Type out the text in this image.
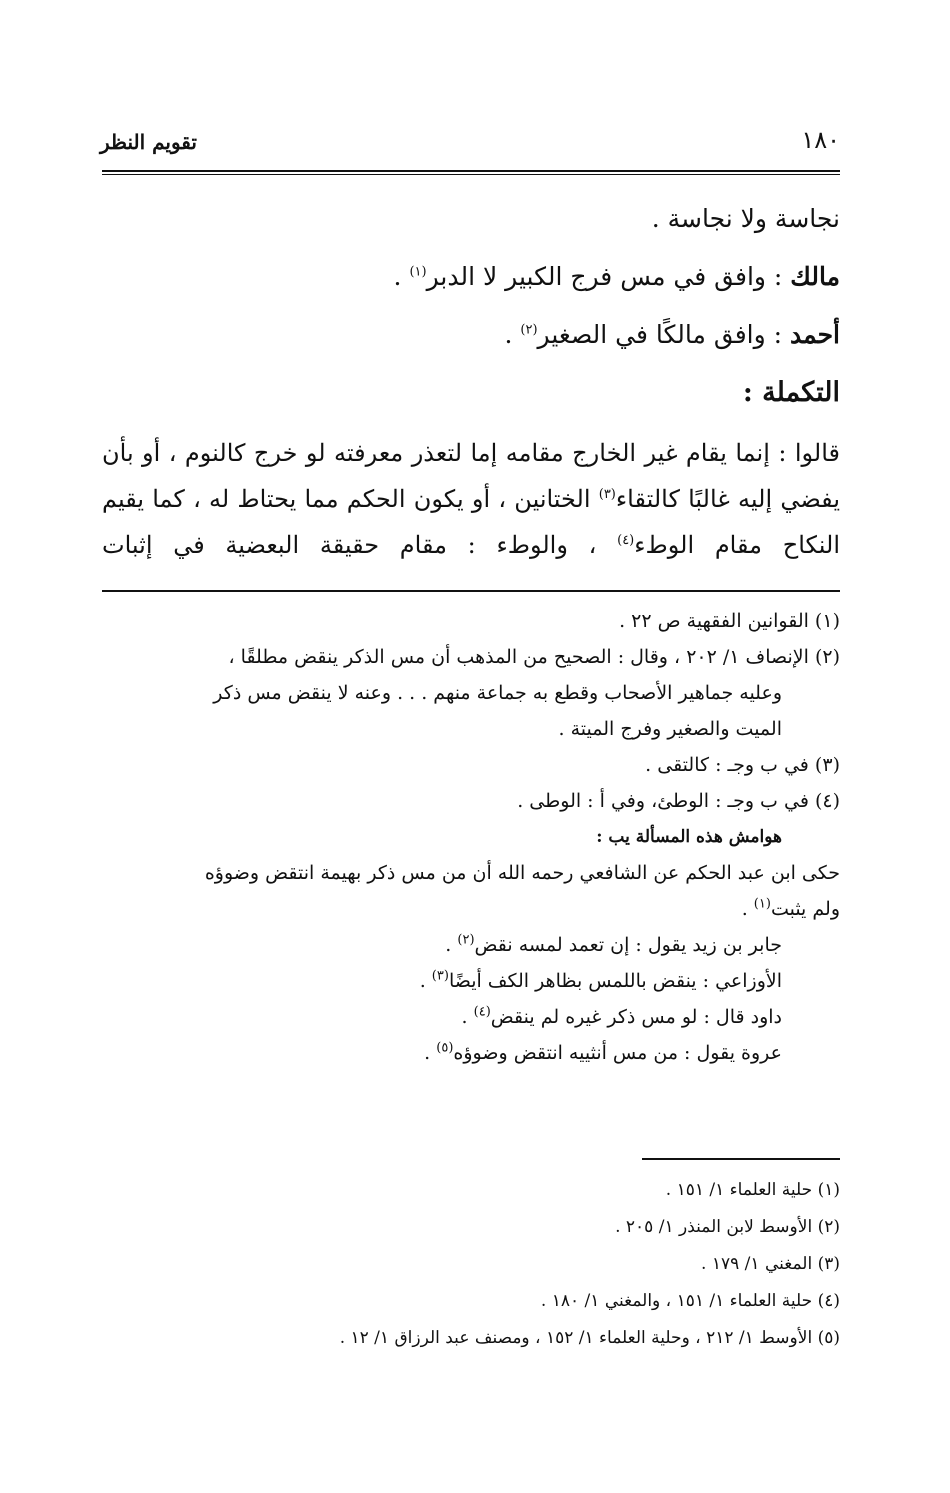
تقويم النظر	١٨٠

نجاسة ولا نجاسة .

مالك : وافق في مس فرج الكبير لا الدبر$^{(١)}$ .

أحمد : وافق مالكًا في الصغير$^{(٢)}$ .

التكملة :

قالوا : إنما يقام غير الخارج مقامه إما لتعذر معرفته لو خرج كالنوم ، أو بأن يفضي إليه غالبًا كالتقاء$^{(٣)}$ الختانين ، أو يكون الحكم مما يحتاط له ، كما يقيم النكاح مقام الوطء$^{(٤)}$ ، والوطء : مقام حقيقة البعضية في إثبات

(١) القوانين الفقهية ص ٢٢ .
(٢) الإنصاف ١/ ٢٠٢ ، وقال : الصحيح من المذهب أن مس الذكر ينقض مطلقًا ،
وعليه جماهير الأصحاب وقطع به جماعة منهم . . . وعنه لا ينقض مس ذكر
الميت والصغير وفرج الميتة .
(٣) في ب وجـ : كالتقى .
(٤) في ب وجـ : الوطئ، وفي أ : الوطى .
هوامش هذه المسألة يب :
حكى ابن عبد الحكم عن الشافعي رحمه الله أن من مس ذكر بهيمة انتقض وضوؤه
ولم يثبت$^{(١)}$ .
جابر بن زيد يقول : إن تعمد لمسه نقض$^{(٢)}$ .
الأوزاعي : ينقض باللمس بظاهر الكف أيضًا$^{(٣)}$ .
داود قال : لو مس ذكر غيره لم ينقض$^{(٤)}$ .
عروة يقول : من مس أنثييه انتقض وضوؤه$^{(٥)}$ .
(١) حلية العلماء ١/ ١٥١ .
(٢) الأوسط لابن المنذر ١/ ٢٠٥ .
(٣) المغني ١/ ١٧٩ .
(٤) حلية العلماء ١/ ١٥١ ، والمغني ١/ ١٨٠ .
(٥) الأوسط ١/ ٢١٢ ، وحلية العلماء ١/ ١٥٢ ، ومصنف عبد الرزاق ١/ ١٢ .
